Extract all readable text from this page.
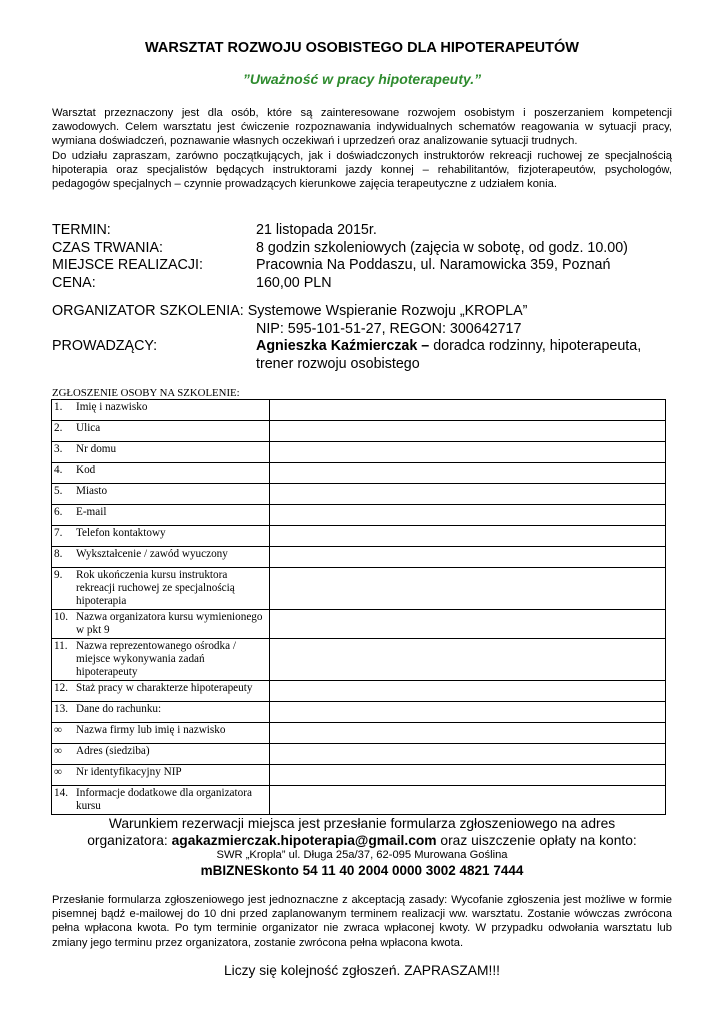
WARSZTAT ROZWOJU OSOBISTEGO DLA HIPOTERAPEUTÓW
”Uważność w pracy hipoterapeuty.”

Warsztat przeznaczony jest dla osób, które są zainteresowane rozwojem osobistym i poszerzaniem kompetencji zawodowych. Celem warsztatu jest ćwiczenie rozpoznawania indywidualnych schematów reagowania w sytuacji pracy, wymiana doświadczeń, poznawanie własnych oczekiwań i uprzedzeń oraz analizowanie sytuacji trudnych.

Do udziału zapraszam, zarówno początkujących, jak i doświadczonych instruktorów rekreacji ruchowej ze specjalnością hipoterapia oraz specjalistów będących instruktorami jazdy konnej – rehabilitantów, fizjoterapeutów, psychologów, pedagogów specjalnych – czynnie prowadzących kierunkowe zajęcia terapeutyczne z udziałem konia.

TERMIN:	21 listopada 2015r.
CZAS TRWANIA:	8 godzin szkoleniowych (zajęcia w sobotę, od godz. 10.00)
MIEJSCE REALIZACJI:	Pracownia Na Poddaszu, ul. Naramowicka 359, Poznań
CENA:	160,00 PLN
ORGANIZATOR SZKOLENIA: Systemowe Wspieranie Rozwoju „KROPLA”
NIP: 595-101-51-27, REGON: 300642717
PROWADZĄCY:	Agnieszka Kaźmierczak – doradca rodzinny, hipoterapeuta,
trener rozwoju osobistego
ZGŁOSZENIE OSOBY NA SZKOLENIE:
1. Imię i nazwisko	

2. Ulica	

3. Nr domu	

4. Kod	

5. Miasto	

6. E-mail	

7. Telefon kontaktowy	

8. Wykształcenie / zawód wyuczony	

9. Rok ukończenia kursu instruktora rekreacji ruchowej ze specjalnością hipoterapia	

10. Nazwa organizatora kursu wymienionego w pkt 9	

11. Nazwa reprezentowanego ośrodka / miejsce wykonywania zadań hipoterapeuty	

12. Staż pracy w charakterze hipoterapeuty	

13. Dane do rachunku:	

∞ Nazwa firmy lub imię i nazwisko	

∞ Adres (siedziba)	

∞ Nr identyfikacyjny NIP	

14. Informacje dodatkowe dla organizatora kursu	

Warunkiem rezerwacji miejsca jest przesłanie formularza zgłoszeniowego na adres
organizatora: agakazmierczak.hipoterapia@gmail.com oraz uiszczenie opłaty na konto:
SWR „Kropla” ul. Długa 25a/37, 62-095 Murowana Goślina
mBIZNESkonto 54 11 40 2004 0000 3002 4821 7444
Przesłanie formularza zgłoszeniowego jest jednoznaczne z akceptacją zasady: Wycofanie zgłoszenia jest możliwe w formie pisemnej bądź e-mailowej do 10 dni przed zaplanowanym terminem realizacji ww. warsztatu. Zostanie wówczas zwrócona pełna wpłacona kwota. Po tym terminie organizator nie zwraca wpłaconej kwoty. W przypadku odwołania warsztatu lub zmiany jego terminu przez organizatora, zostanie zwrócona pełna wpłacona kwota.
Liczy się kolejność zgłoszeń. ZAPRASZAM!!!
